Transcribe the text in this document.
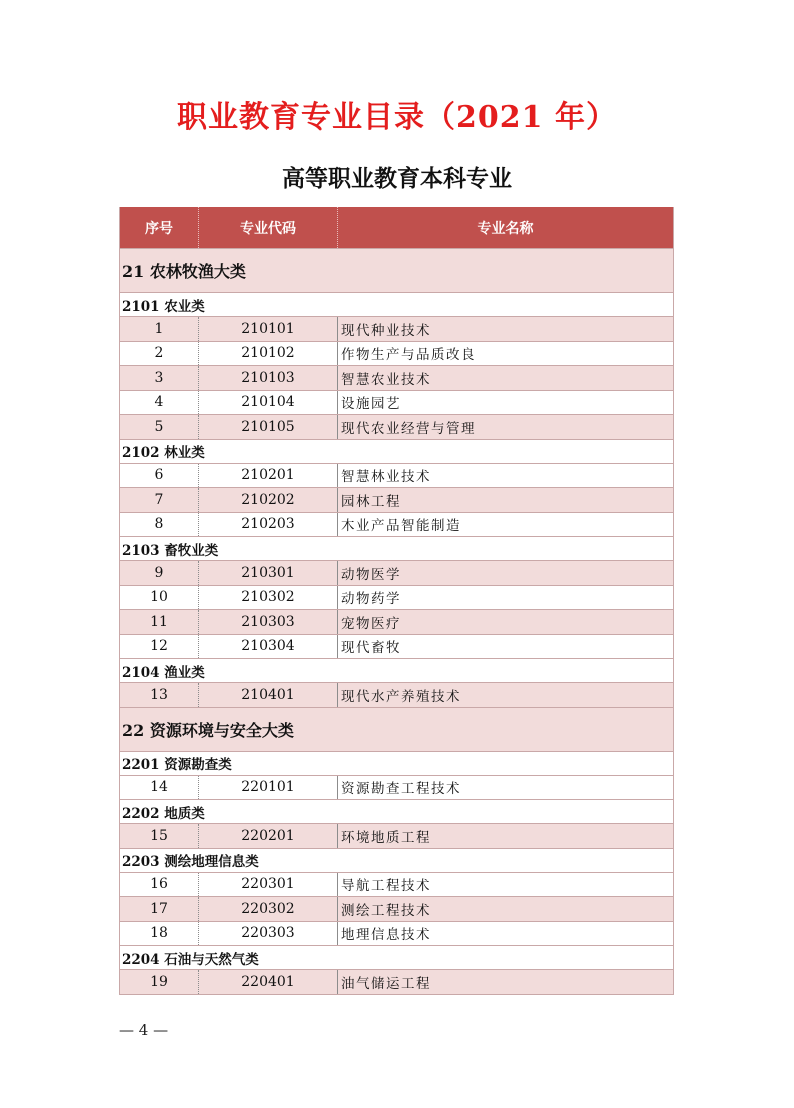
职业教育专业目录（2021 年）
高等职业教育本科专业
序号	专业代码	专业名称
21 农林牧渔大类
2101 农业类
1	210101	现代种业技术
2	210102	作物生产与品质改良
3	210103	智慧农业技术
4	210104	设施园艺
5	210105	现代农业经营与管理
2102 林业类
6	210201	智慧林业技术
7	210202	园林工程
8	210203	木业产品智能制造
2103 畜牧业类
9	210301	动物医学
10	210302	动物药学
11	210303	宠物医疗
12	210304	现代畜牧
2104 渔业类
13	210401	现代水产养殖技术
22 资源环境与安全大类
2201 资源勘查类
14	220101	资源勘查工程技术
2202 地质类
15	220201	环境地质工程
2203 测绘地理信息类
16	220301	导航工程技术
17	220302	测绘工程技术
18	220303	地理信息技术
2204 石油与天然气类
19	220401	油气储运工程
— 4 —
